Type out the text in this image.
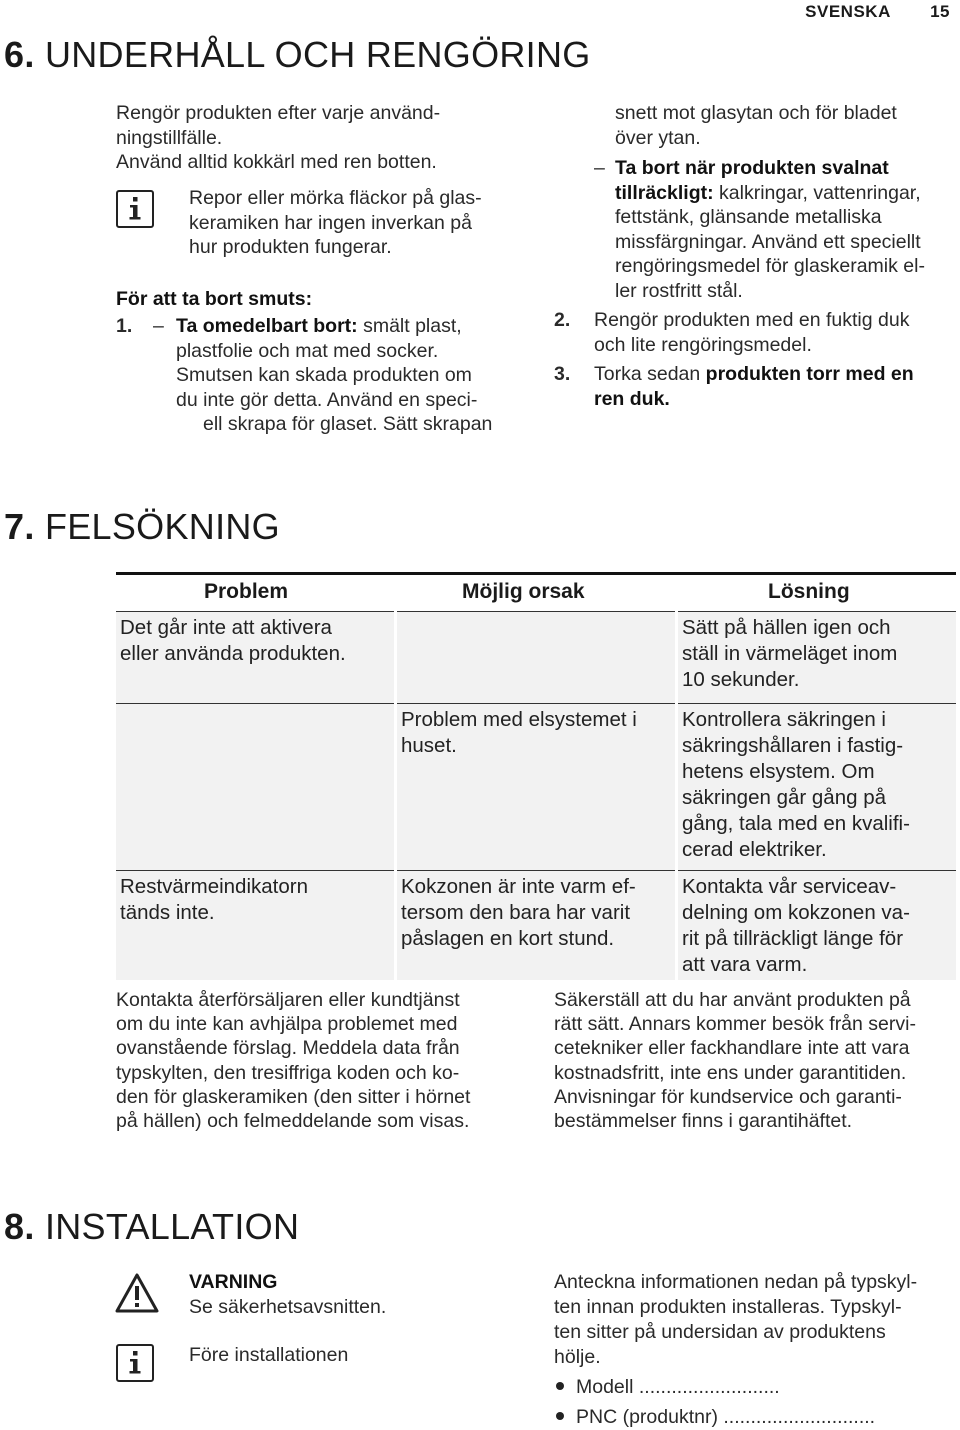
SVENSKA 15
6. UNDERHÅLL OCH RENGÖRING
Rengör produkten efter varje använd-
ningstillfälle.
Använd alltid kokkärl med ren botten.
Repor eller mörka fläckor på glas-
keramiken har ingen inverkan på
hur produkten fungerar.
För att ta bort smuts:
1. – Ta omedelbart bort: smält plast,
plastfolie och mat med socker.
Smutsen kan skada produkten om
du inte gör detta. Använd en speci-
ell skrapa för glaset. Sätt skrapan
snett mot glasytan och för bladet
över ytan.
– Ta bort när produkten svalnat
tillräckligt: kalkringar, vattenringar,
fettstänk, glänsande metalliska
missfärgningar. Använd ett speciellt
rengöringsmedel för glaskeramik el-
ler rostfritt stål.
2. Rengör produkten med en fuktig duk
och lite rengöringsmedel.
3. Torka sedan produkten torr med en
ren duk.
7. FELSÖKNING
Problem	Möjlig orsak	Lösning
Det går inte att aktivera
eller använda produkten.
Sätt på hällen igen och
ställ in värmeläget inom
10 sekunder.
Problem med elsystemet i
huset.
Kontrollera säkringen i
säkringshållaren i fastig-
hetens elsystem. Om
säkringen går gång på
gång, tala med en kvalifi-
cerad elektriker.
Restvärmeindikatorn
tänds inte.
Kokzonen är inte varm ef-
tersom den bara har varit
påslagen en kort stund.
Kontakta vår serviceav-
delning om kokzonen va-
rit på tillräckligt länge för
att vara varm.
Kontakta återförsäljaren eller kundtjänst
om du inte kan avhjälpa problemet med
ovanstående förslag. Meddela data från
typskylten, den tresiffriga koden och ko-
den för glaskeramiken (den sitter i hörnet
på hällen) och felmeddelande som visas.
Säkerställ att du har använt produkten på
rätt sätt. Annars kommer besök från servi-
cetekniker eller fackhandlare inte att vara
kostnadsfritt, inte ens under garantitiden.
Anvisningar för kundservice och garanti-
bestämmelser finns i garantihäftet.
8. INSTALLATION
VARNING
Se säkerhetsavsnitten.
Före installationen
Anteckna informationen nedan på typskyl-
ten innan produkten installeras. Typskyl-
ten sitter på undersidan av produktens
hölje.
Modell ..........................
PNC (produktnr) ............................
